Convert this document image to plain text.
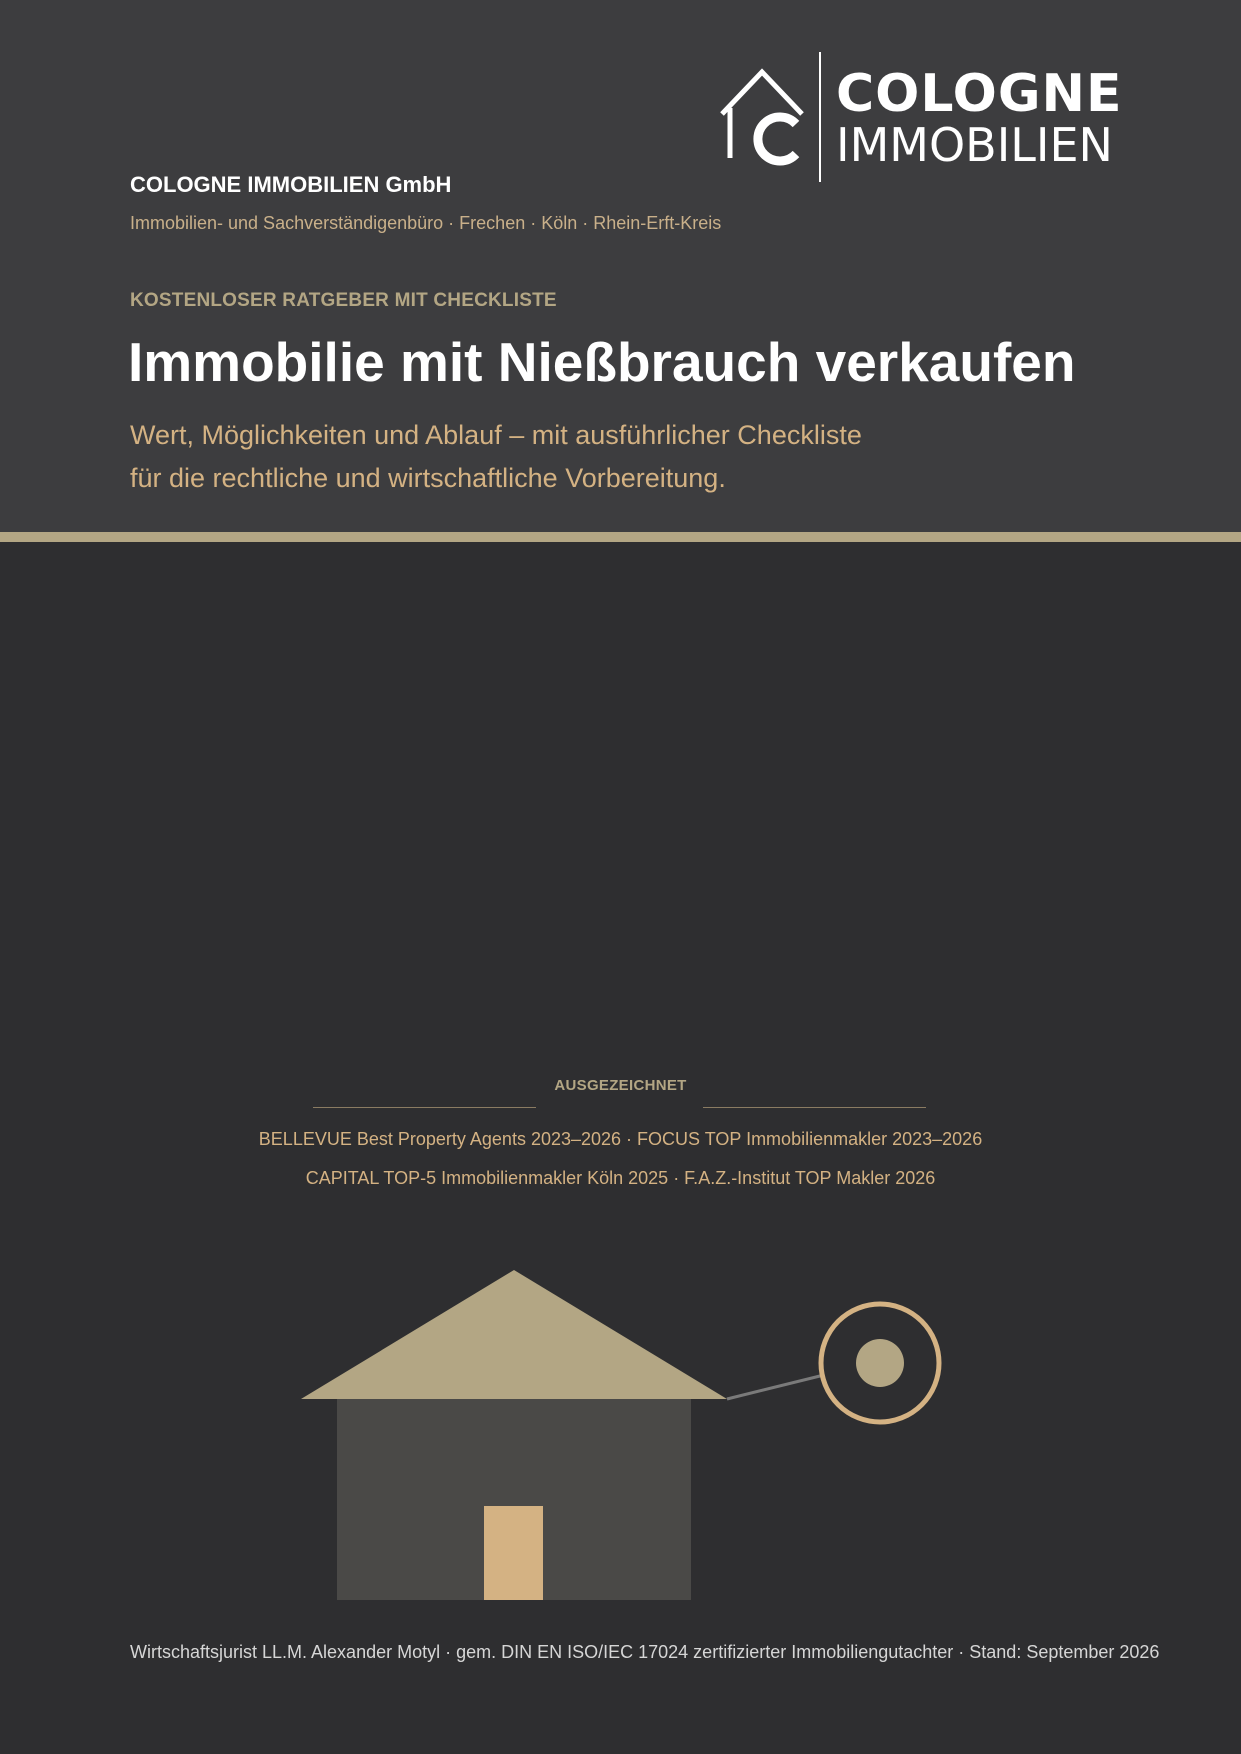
COLOGNE
IMMOBILIEN
COLOGNE IMMOBILIEN GmbH
Immobilien- und Sachverständigenbüro · Frechen · Köln · Rhein-Erft-Kreis
KOSTENLOSER RATGEBER MIT CHECKLISTE
Immobilie mit Nießbrauch verkaufen
Wert, Möglichkeiten und Ablauf – mit ausführlicher Checkliste
für die rechtliche und wirtschaftliche Vorbereitung.
AUSGEZEICHNET
BELLEVUE Best Property Agents 2023–2026 · FOCUS TOP Immobilienmakler 2023–2026
CAPITAL TOP-5 Immobilienmakler Köln 2025 · F.A.Z.-Institut TOP Makler 2026
Wirtschaftsjurist LL.M. Alexander Motyl · gem. DIN EN ISO/IEC 17024 zertifizierter Immobiliengutachter · Stand: September 2026
